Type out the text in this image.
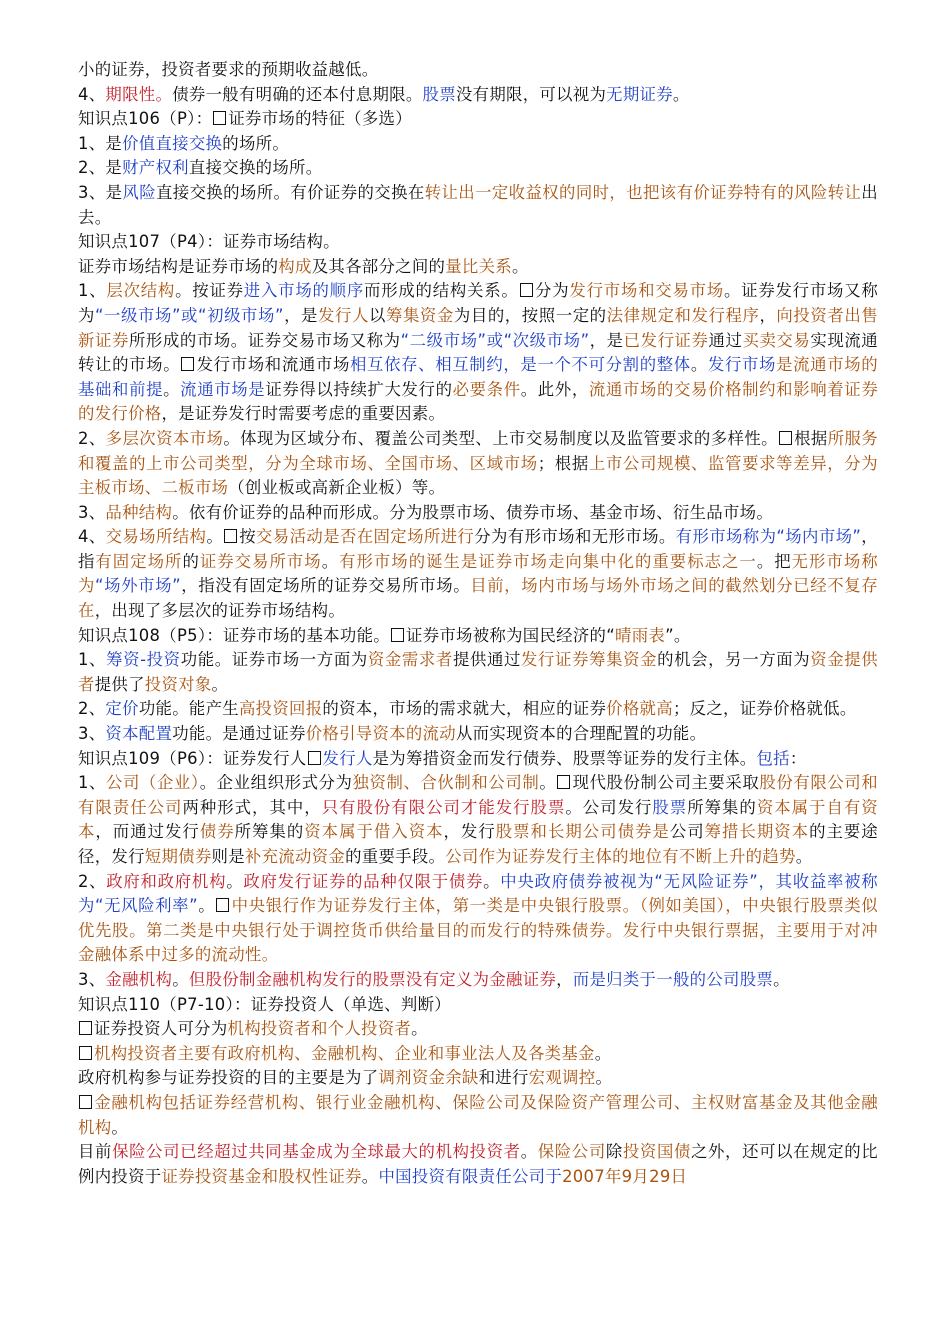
小的证券，投资者要求的预期收益越低。
4、期限性。债券一般有明确的还本付息期限。股票没有期限，可以视为无期证券。
知识点106（P）： 证券市场的特征（多选）
1、是价值直接交换的场所。
2、是财产权利直接交换的场所。
3、是风险直接交换的场所。有价证券的交换在转让出一定收益权的同时，也把该有价证券特有的风险转让出去。
知识点107（P4）：证券市场结构。
证券市场结构是证券市场的构成及其各部分之间的量比关系。
1、层次结构。按证券进入市场的顺序而形成的结构关系。 分为发行市场和交易市场。证券发行市场又称为“一级市场”或“初级市场”，是发行人以筹集资金为目的，按照一定的法律规定和发行程序，向投资者出售新证券所形成的市场。证券交易市场又称为“二级市场”或“次级市场”，是已发行证券通过买卖交易实现流通转让的市场。 发行市场和流通市场相互依存、相互制约，是一个不可分割的整体。发行市场是流通市场的基础和前提。流通市场是证券得以持续扩大发行的必要条件。此外，流通市场的交易价格制约和影响着证券的发行价格，是证券发行时需要考虑的重要因素。
2、多层次资本市场。体现为区域分布、覆盖公司类型、上市交易制度以及监管要求的多样性。 根据所服务和覆盖的上市公司类型，分为全球市场、全国市场、区域市场；根据上市公司规模、监管要求等差异，分为主板市场、二板市场（创业板或高新企业板）等。
3、品种结构。依有价证券的品种而形成。分为股票市场、债券市场、基金市场、衍生品市场。
4、交易场所结构。 按交易活动是否在固定场所进行分为有形市场和无形市场。有形市场称为“场内市场”，指有固定场所的证券交易所市场。有形市场的诞生是证券市场走向集中化的重要标志之一。把无形市场称为“场外市场”，指没有固定场所的证券交易所市场。目前，场内市场与场外市场之间的截然划分已经不复存在，出现了多层次的证券市场结构。
知识点108（P5）：证券市场的基本功能。 证券市场被称为国民经济的“晴雨表”。
1、筹资-投资功能。证券市场一方面为资金需求者提供通过发行证券筹集资金的机会，另一方面为资金提供者提供了投资对象。
2、定价功能。能产生高投资回报的资本，市场的需求就大，相应的证券价格就高；反之，证券价格就低。
3、资本配置功能。是通过证券价格引导资本的流动从而实现资本的合理配置的功能。
知识点109（P6）：证券发行人 发行人是为筹措资金而发行债券、股票等证券的发行主体。包括：
1、公司（企业）。企业组织形式分为独资制、合伙制和公司制。 现代股份制公司主要采取股份有限公司和有限责任公司两种形式，其中，只有股份有限公司才能发行股票。公司发行股票所筹集的资本属于自有资本，而通过发行债券所筹集的资本属于借入资本，发行股票和长期公司债券是公司筹措长期资本的主要途径，发行短期债券则是补充流动资金的重要手段。公司作为证券发行主体的地位有不断上升的趋势。
2、政府和政府机构。政府发行证券的品种仅限于债券。中央政府债券被视为“无风险证券”，其收益率被称为“无风险利率”。 中央银行作为证券发行主体，第一类是中央银行股票。（例如美国），中央银行股票类似优先股。第二类是中央银行处于调控货币供给量目的而发行的特殊债券。发行中央银行票据，主要用于对冲金融体系中过多的流动性。
3、金融机构。但股份制金融机构发行的股票没有定义为金融证券，而是归类于一般的公司股票。
知识点110（P7-10）：证券投资人（单选、判断）
证券投资人可分为机构投资者和个人投资者。
机构投资者主要有政府机构、金融机构、企业和事业法人及各类基金。
政府机构参与证券投资的目的主要是为了调剂资金余缺和进行宏观调控。
金融机构包括证券经营机构、银行业金融机构、保险公司及保险资产管理公司、主权财富基金及其他金融机构。
目前保险公司已经超过共同基金成为全球最大的机构投资者。保险公司除投资国债之外，还可以在规定的比例内投资于证券投资基金和股权性证券。中国投资有限责任公司于2007年9月29日
